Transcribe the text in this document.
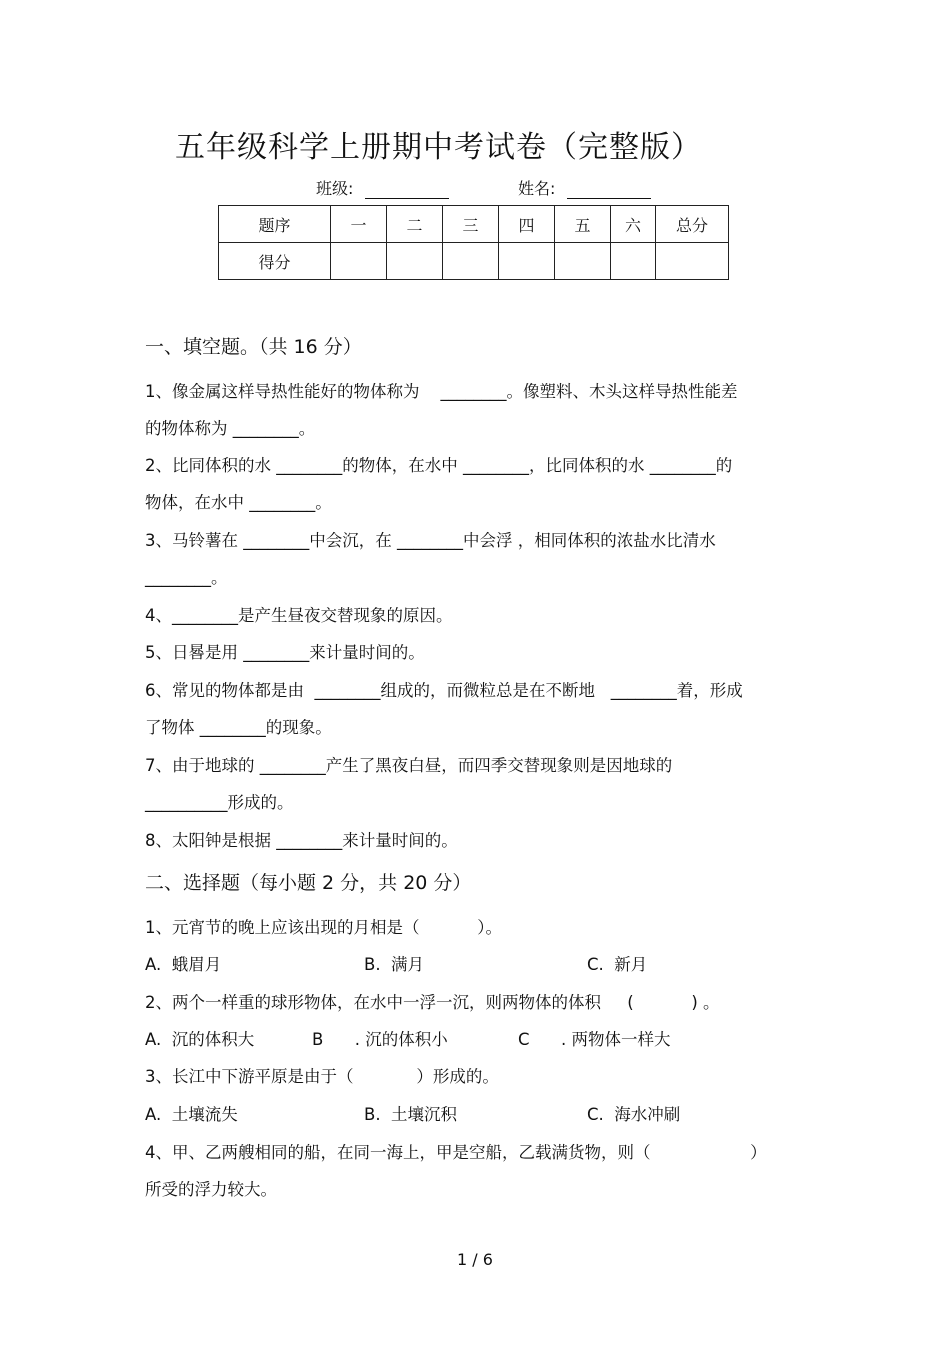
五年级科学上册期中考试卷（完整版）
班级:	姓名:
题序	一	二	三	四	五	六	总分
得分							
一、填空题。（共 16 分）
1、像金属这样导热性能好的物体称为    ________。像塑料、木头这样导热性能差
的物体称为 ________。
2、比同体积的水 ________的物体，在水中 ________，比同体积的水 ________的
物体，在水中 ________。
3、马铃薯在 ________中会沉，在 ________中会浮 ，相同体积的浓盐水比清水
________。
4、________是产生昼夜交替现象的原因。
5、日晷是用 ________来计量时间的。
6、常见的物体都是由  ________组成的，而微粒总是在不断地   ________着，形成
了物体 ________的现象。
7、由于地球的 ________产生了黑夜白昼，而四季交替现象则是因地球的
__________形成的。
8、太阳钟是根据 ________来计量时间的。
二、选择题（每小题 2 分，共 20 分）
1、元宵节的晚上应该出现的月相是（           ）。
A.  蛾眉月	B.  满月	C.  新月
2、两个一样重的球形物体，在水中一浮一沉，则两物体的体积     (           ) 。
A.  沉的体积大	B      . 沉的体积小	C      . 两物体一样大
3、长江中下游平原是由于（            ）形成的。
A.  土壤流失	B.  土壤沉积	C.  海水冲刷
4、甲、乙两艘相同的船，在同一海上，甲是空船，乙载满货物，则（                   ）
所受的浮力较大。
1 / 6
